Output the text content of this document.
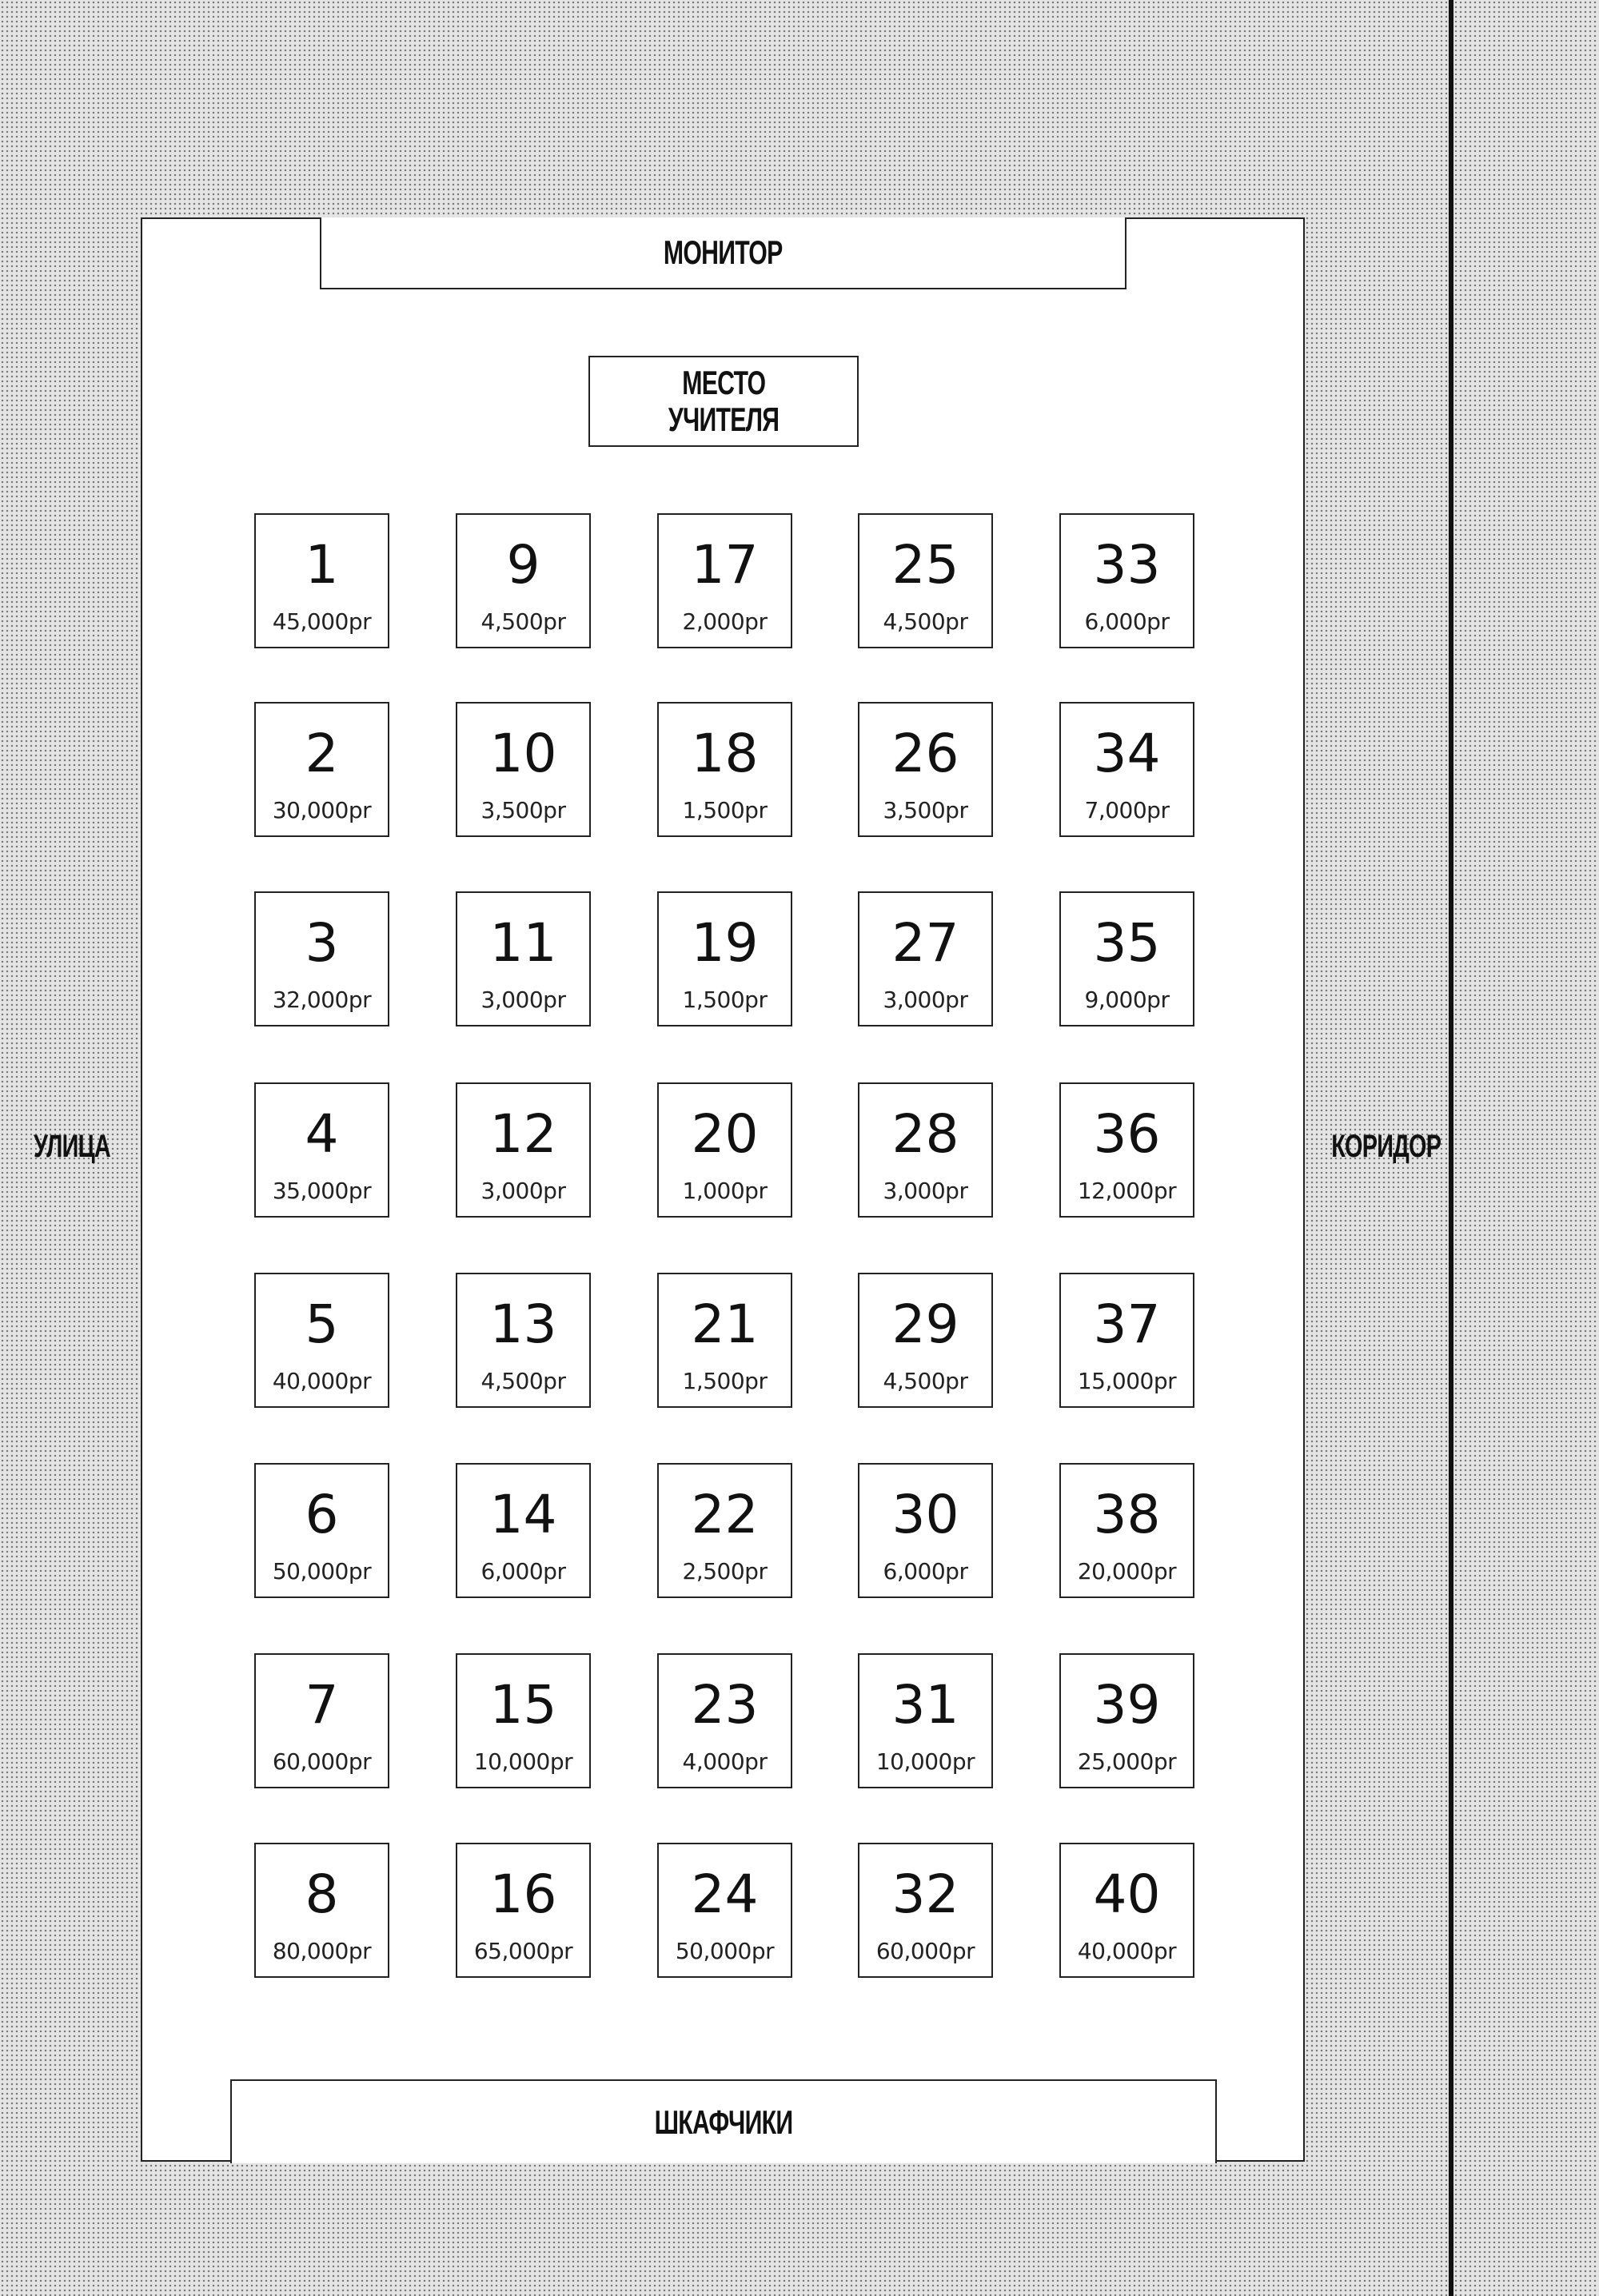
УЛИЦА	КОРИДОР
МОНИТОР
МЕСТО
УЧИТЕЛЯ
ШКАФЧИКИ
1
45,000pr
2
30,000pr
3
32,000pr
4
35,000pr
5
40,000pr
6
50,000pr
7
60,000pr
8
80,000pr
9
4,500pr
10
3,500pr
11
3,000pr
12
3,000pr
13
4,500pr
14
6,000pr
15
10,000pr
16
65,000pr
17
2,000pr
18
1,500pr
19
1,500pr
20
1,000pr
21
1,500pr
22
2,500pr
23
4,000pr
24
50,000pr
25
4,500pr
26
3,500pr
27
3,000pr
28
3,000pr
29
4,500pr
30
6,000pr
31
10,000pr
32
60,000pr
33
6,000pr
34
7,000pr
35
9,000pr
36
12,000pr
37
15,000pr
38
20,000pr
39
25,000pr
40
40,000pr
